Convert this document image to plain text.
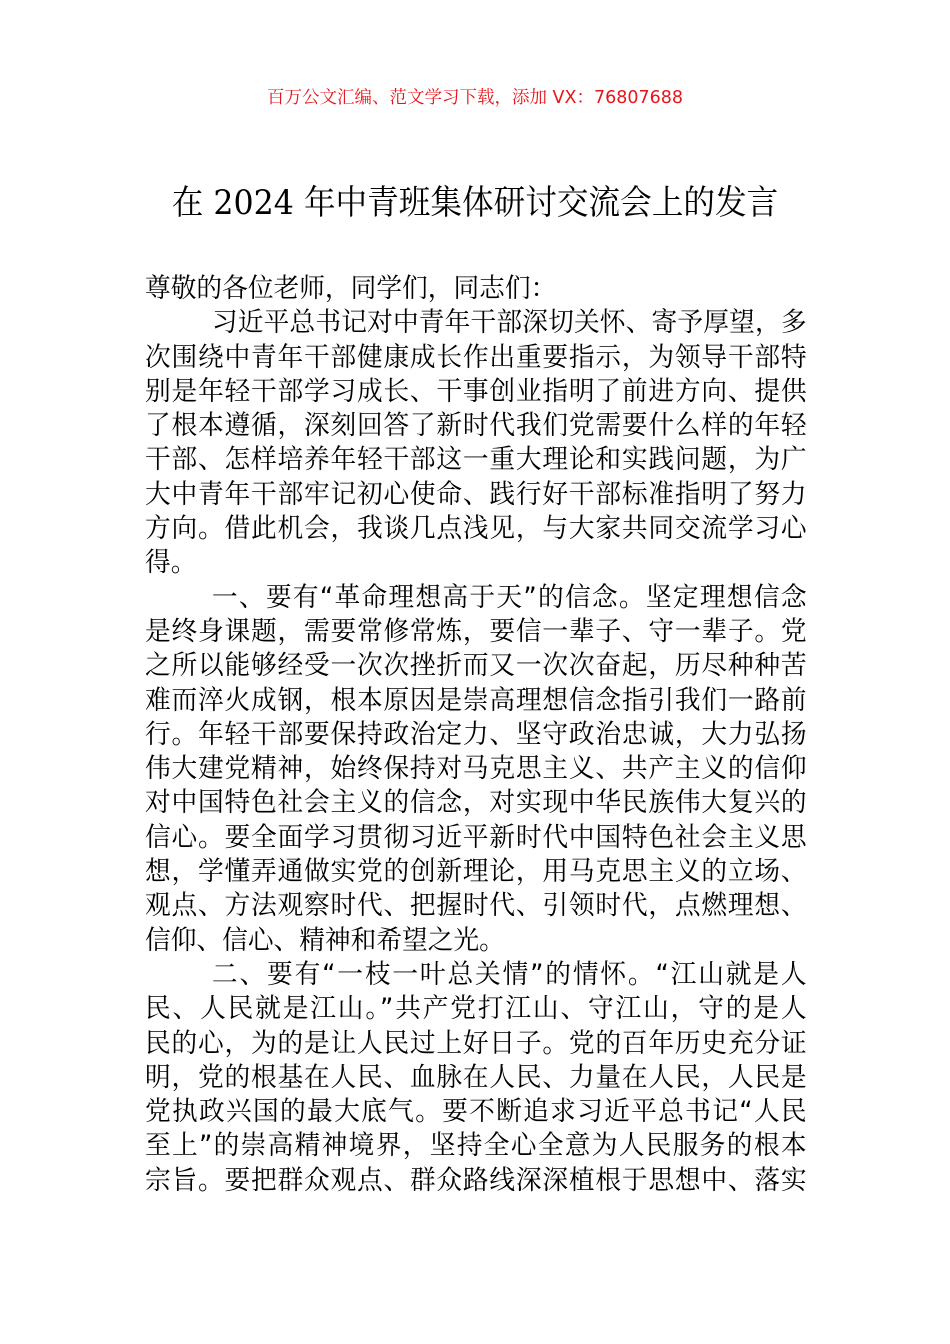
百万公文汇编、范文学习下载，添加 VX：76807688
在 2024 年中青班集体研讨交流会上的发言
尊敬的各位老师，同学们，同志们：
习近平总书记对中青年干部深切关怀、寄予厚望，多
次围绕中青年干部健康成长作出重要指示，为领导干部特
别是年轻干部学习成长、干事创业指明了前进方向、提供
了根本遵循，深刻回答了新时代我们党需要什么样的年轻
干部、怎样培养年轻干部这一重大理论和实践问题，为广
大中青年干部牢记初心使命、践行好干部标准指明了努力
方向。借此机会，我谈几点浅见，与大家共同交流学习心
得。
一、要有“革命理想高于天”的信念。坚定理想信念
是终身课题，需要常修常炼，要信一辈子、守一辈子。党
之所以能够经受一次次挫折而又一次次奋起，历尽种种苦
难而淬火成钢，根本原因是崇高理想信念指引我们一路前
行。年轻干部要保持政治定力、坚守政治忠诚，大力弘扬
伟大建党精神，始终保持对马克思主义、共产主义的信仰
对中国特色社会主义的信念，对实现中华民族伟大复兴的
信心。要全面学习贯彻习近平新时代中国特色社会主义思
想，学懂弄通做实党的创新理论，用马克思主义的立场、
观点、方法观察时代、把握时代、引领时代，点燃理想、
信仰、信心、精神和希望之光。
二、要有“一枝一叶总关情”的情怀。“江山就是人
民、人民就是江山。”共产党打江山、守江山，守的是人
民的心，为的是让人民过上好日子。党的百年历史充分证
明，党的根基在人民、血脉在人民、力量在人民，人民是
党执政兴国的最大底气。要不断追求习近平总书记“人民
至上”的崇高精神境界，坚持全心全意为人民服务的根本
宗旨。要把群众观点、群众路线深深植根于思想中、落实
